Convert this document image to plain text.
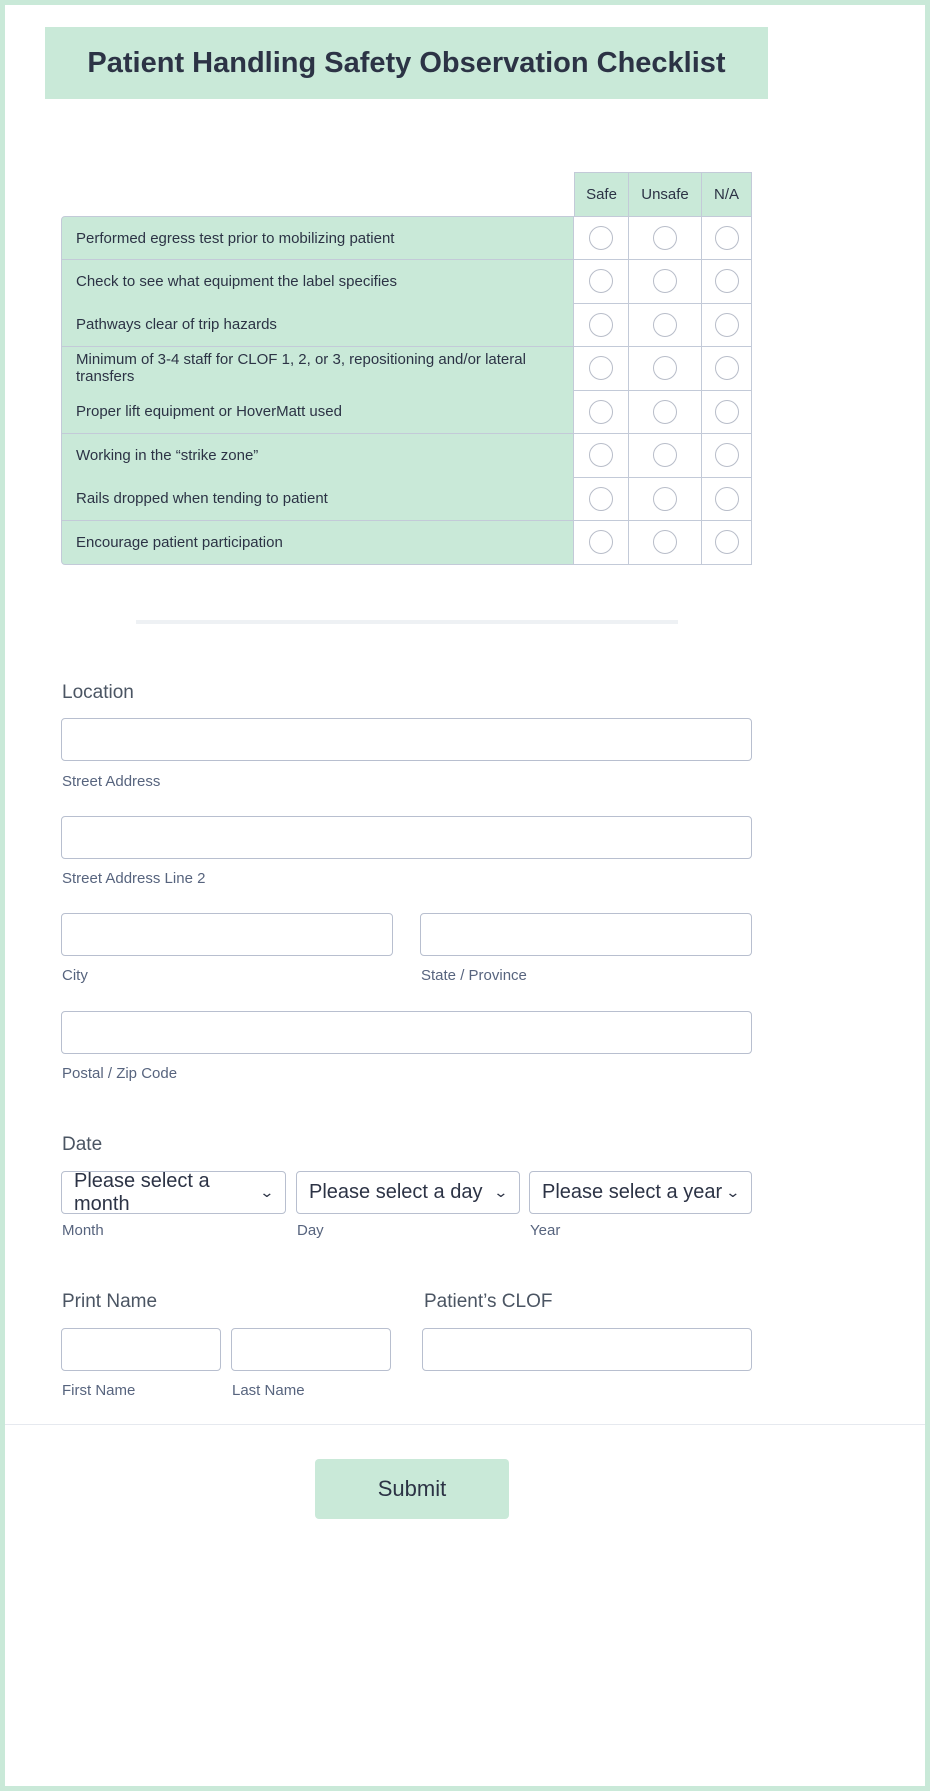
Patient Handling Safety Observation Checklist
Safe	Unsafe	N/A
Performed egress test prior to mobilizing patient
Check to see what equipment the label specifies
Pathways clear of trip hazards
Minimum of 3-4 staff for CLOF 1, 2, or 3, repositioning and/or lateral transfers
Proper lift equipment or HoverMatt used
Working in the “strike zone”
Rails dropped when tending to patient
Encourage patient participation
Location
Street Address
Street Address Line 2
City	State / Province
Postal / Zip Code
Date
Please select a month
⌄ Please select a day ⌄ Please select a year ⌄
Month	Day	Year
Print Name	Patient’s CLOF
First Name	Last Name
Submit
